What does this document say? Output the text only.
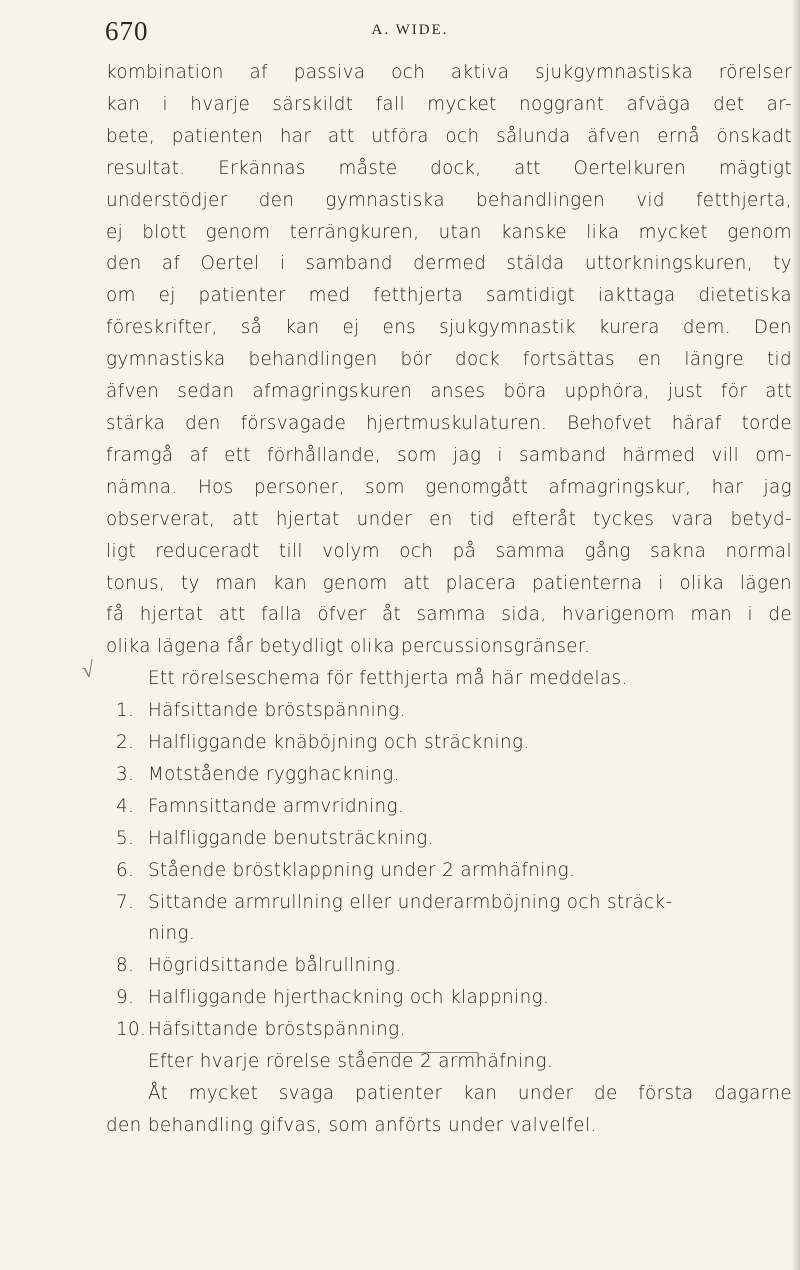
670	A. WIDE.
√
kombination af passiva och aktiva sjukgymnastiska rörelser
kan i hvarje särskildt fall mycket noggrant afväga det ar-
bete, patienten har att utföra och sålunda äfven ernå önskadt
resultat. Erkännas måste dock, att Oertelkuren mägtigt
understödjer den gymnastiska behandlingen vid fetthjerta,
ej blott genom terrängkuren, utan kanske lika mycket genom
den af Oertel i samband dermed stälda uttorkningskuren, ty
om ej patienter med fetthjerta samtidigt iakttaga dietetiska
föreskrifter, så kan ej ens sjukgymnastik kurera dem. Den
gymnastiska behandlingen bör dock fortsättas en längre tid
äfven sedan afmagringskuren anses böra upphöra, just för att
stärka den försvagade hjertmuskulaturen. Behofvet häraf torde
framgå af ett förhållande, som jag i samband härmed vill om-
nämna. Hos personer, som genomgått afmagringskur, har jag
observerat, att hjertat under en tid efteråt tyckes vara betyd-
ligt reduceradt till volym och på samma gång sakna normal
tonus, ty man kan genom att placera patienterna i olika lägen
få hjertat att falla öfver åt samma sida, hvarigenom man i de
olika lägena får betydligt olika percussionsgränser.
Ett rörelseschema för fetthjerta må här meddelas.
1. Häfsittande bröstspänning.
2. Halfliggande knäböjning och sträckning.
3. Motstående rygghackning.
4. Famnsittande armvridning.
5. Halfliggande benutsträckning.
6. Stående bröstklappning under 2 armhäfning.
7. Sittande armrullning eller underarmböjning och sträck-
ning.
8. Högridsittande bålrullning.
9. Halfliggande hjerthackning och klappning.
10. Häfsittande bröstspänning.
Efter hvarje rörelse stående 2 armhäfning.
Åt mycket svaga patienter kan under de första dagarne
den behandling gifvas, som anförts under valvelfel.
